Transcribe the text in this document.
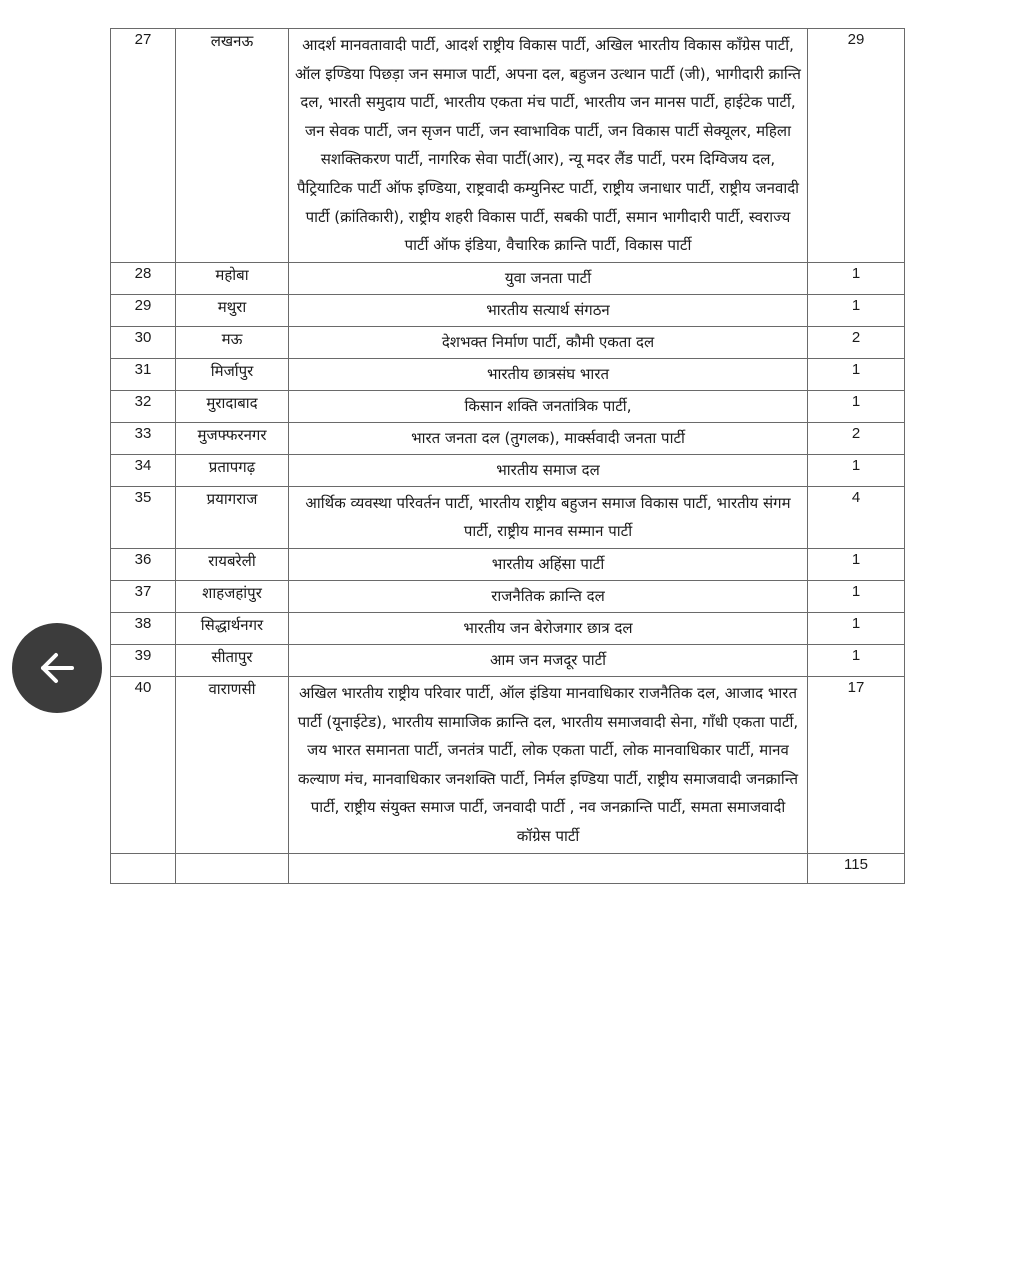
27	लखनऊ	आदर्श मानवतावादी पार्टी, आदर्श राष्ट्रीय विकास पार्टी, अखिल भारतीय विकास काँग्रेस पार्टी, ऑल इण्डिया पिछड़ा जन समाज पार्टी, अपना दल, बहुजन उत्थान पार्टी (जी), भागीदारी क्रान्ति दल, भारती समुदाय पार्टी, भारतीय एकता मंच पार्टी, भारतीय जन मानस पार्टी, हाईटेक पार्टी, जन सेवक पार्टी, जन सृजन पार्टी, जन स्वाभाविक पार्टी, जन विकास पार्टी सेक्यूलर, महिला सशक्तिकरण पार्टी, नागरिक सेवा पार्टी(आर), न्यू मदर लैंड पार्टी, परम दिग्विजय दल, पैट्रियाटिक पार्टी ऑफ इण्डिया, राष्ट्रवादी कम्युनिस्ट पार्टी, राष्ट्रीय जनाधार पार्टी, राष्ट्रीय जनवादी पार्टी (क्रांतिकारी), राष्ट्रीय शहरी विकास पार्टी, सबकी पार्टी, समान भागीदारी पार्टी, स्वराज्य पार्टी ऑफ इंडिया, वैचारिक क्रान्ति पार्टी, विकास पार्टी	29
28	महोबा	युवा जनता पार्टी	1
29	मथुरा	भारतीय सत्यार्थ संगठन	1
30	मऊ	देशभक्त निर्माण पार्टी, कौमी एकता दल	2
31	मिर्जापुर	भारतीय छात्रसंघ भारत	1
32	मुरादाबाद	किसान शक्ति जनतांत्रिक पार्टी,	1
33	मुजफ्फरनगर	भारत जनता दल (तुगलक), मार्क्सवादी जनता पार्टी	2
34	प्रतापगढ़	भारतीय समाज दल	1
35	प्रयागराज	आर्थिक व्यवस्था परिवर्तन पार्टी, भारतीय राष्ट्रीय बहुजन समाज विकास पार्टी, भारतीय संगम पार्टी, राष्ट्रीय मानव सम्मान पार्टी	4
36	रायबरेली	भारतीय अहिंसा पार्टी	1
37	शाहजहांपुर	राजनैतिक क्रान्ति दल	1
38	सिद्धार्थनगर	भारतीय जन बेरोजगार छात्र दल	1
39	सीतापुर	आम जन मजदूर पार्टी	1
40	वाराणसी	अखिल भारतीय राष्ट्रीय परिवार पार्टी, ऑल इंडिया मानवाधिकार राजनैतिक दल, आजाद भारत पार्टी (यूनाईटेड), भारतीय सामाजिक क्रान्ति दल, भारतीय समाजवादी सेना, गाँधी एकता पार्टी, जय भारत समानता पार्टी, जनतंत्र पार्टी, लोक एकता पार्टी, लोक मानवाधिकार पार्टी, मानव कल्याण मंच, मानवाधिकार जनशक्ति पार्टी, निर्मल इण्डिया पार्टी, राष्ट्रीय समाजवादी जनक्रान्ति पार्टी, राष्ट्रीय संयुक्त समाज पार्टी, जनवादी पार्टी , नव जनक्रान्ति पार्टी, समता समाजवादी कॉग्रेस पार्टी	17
			115
